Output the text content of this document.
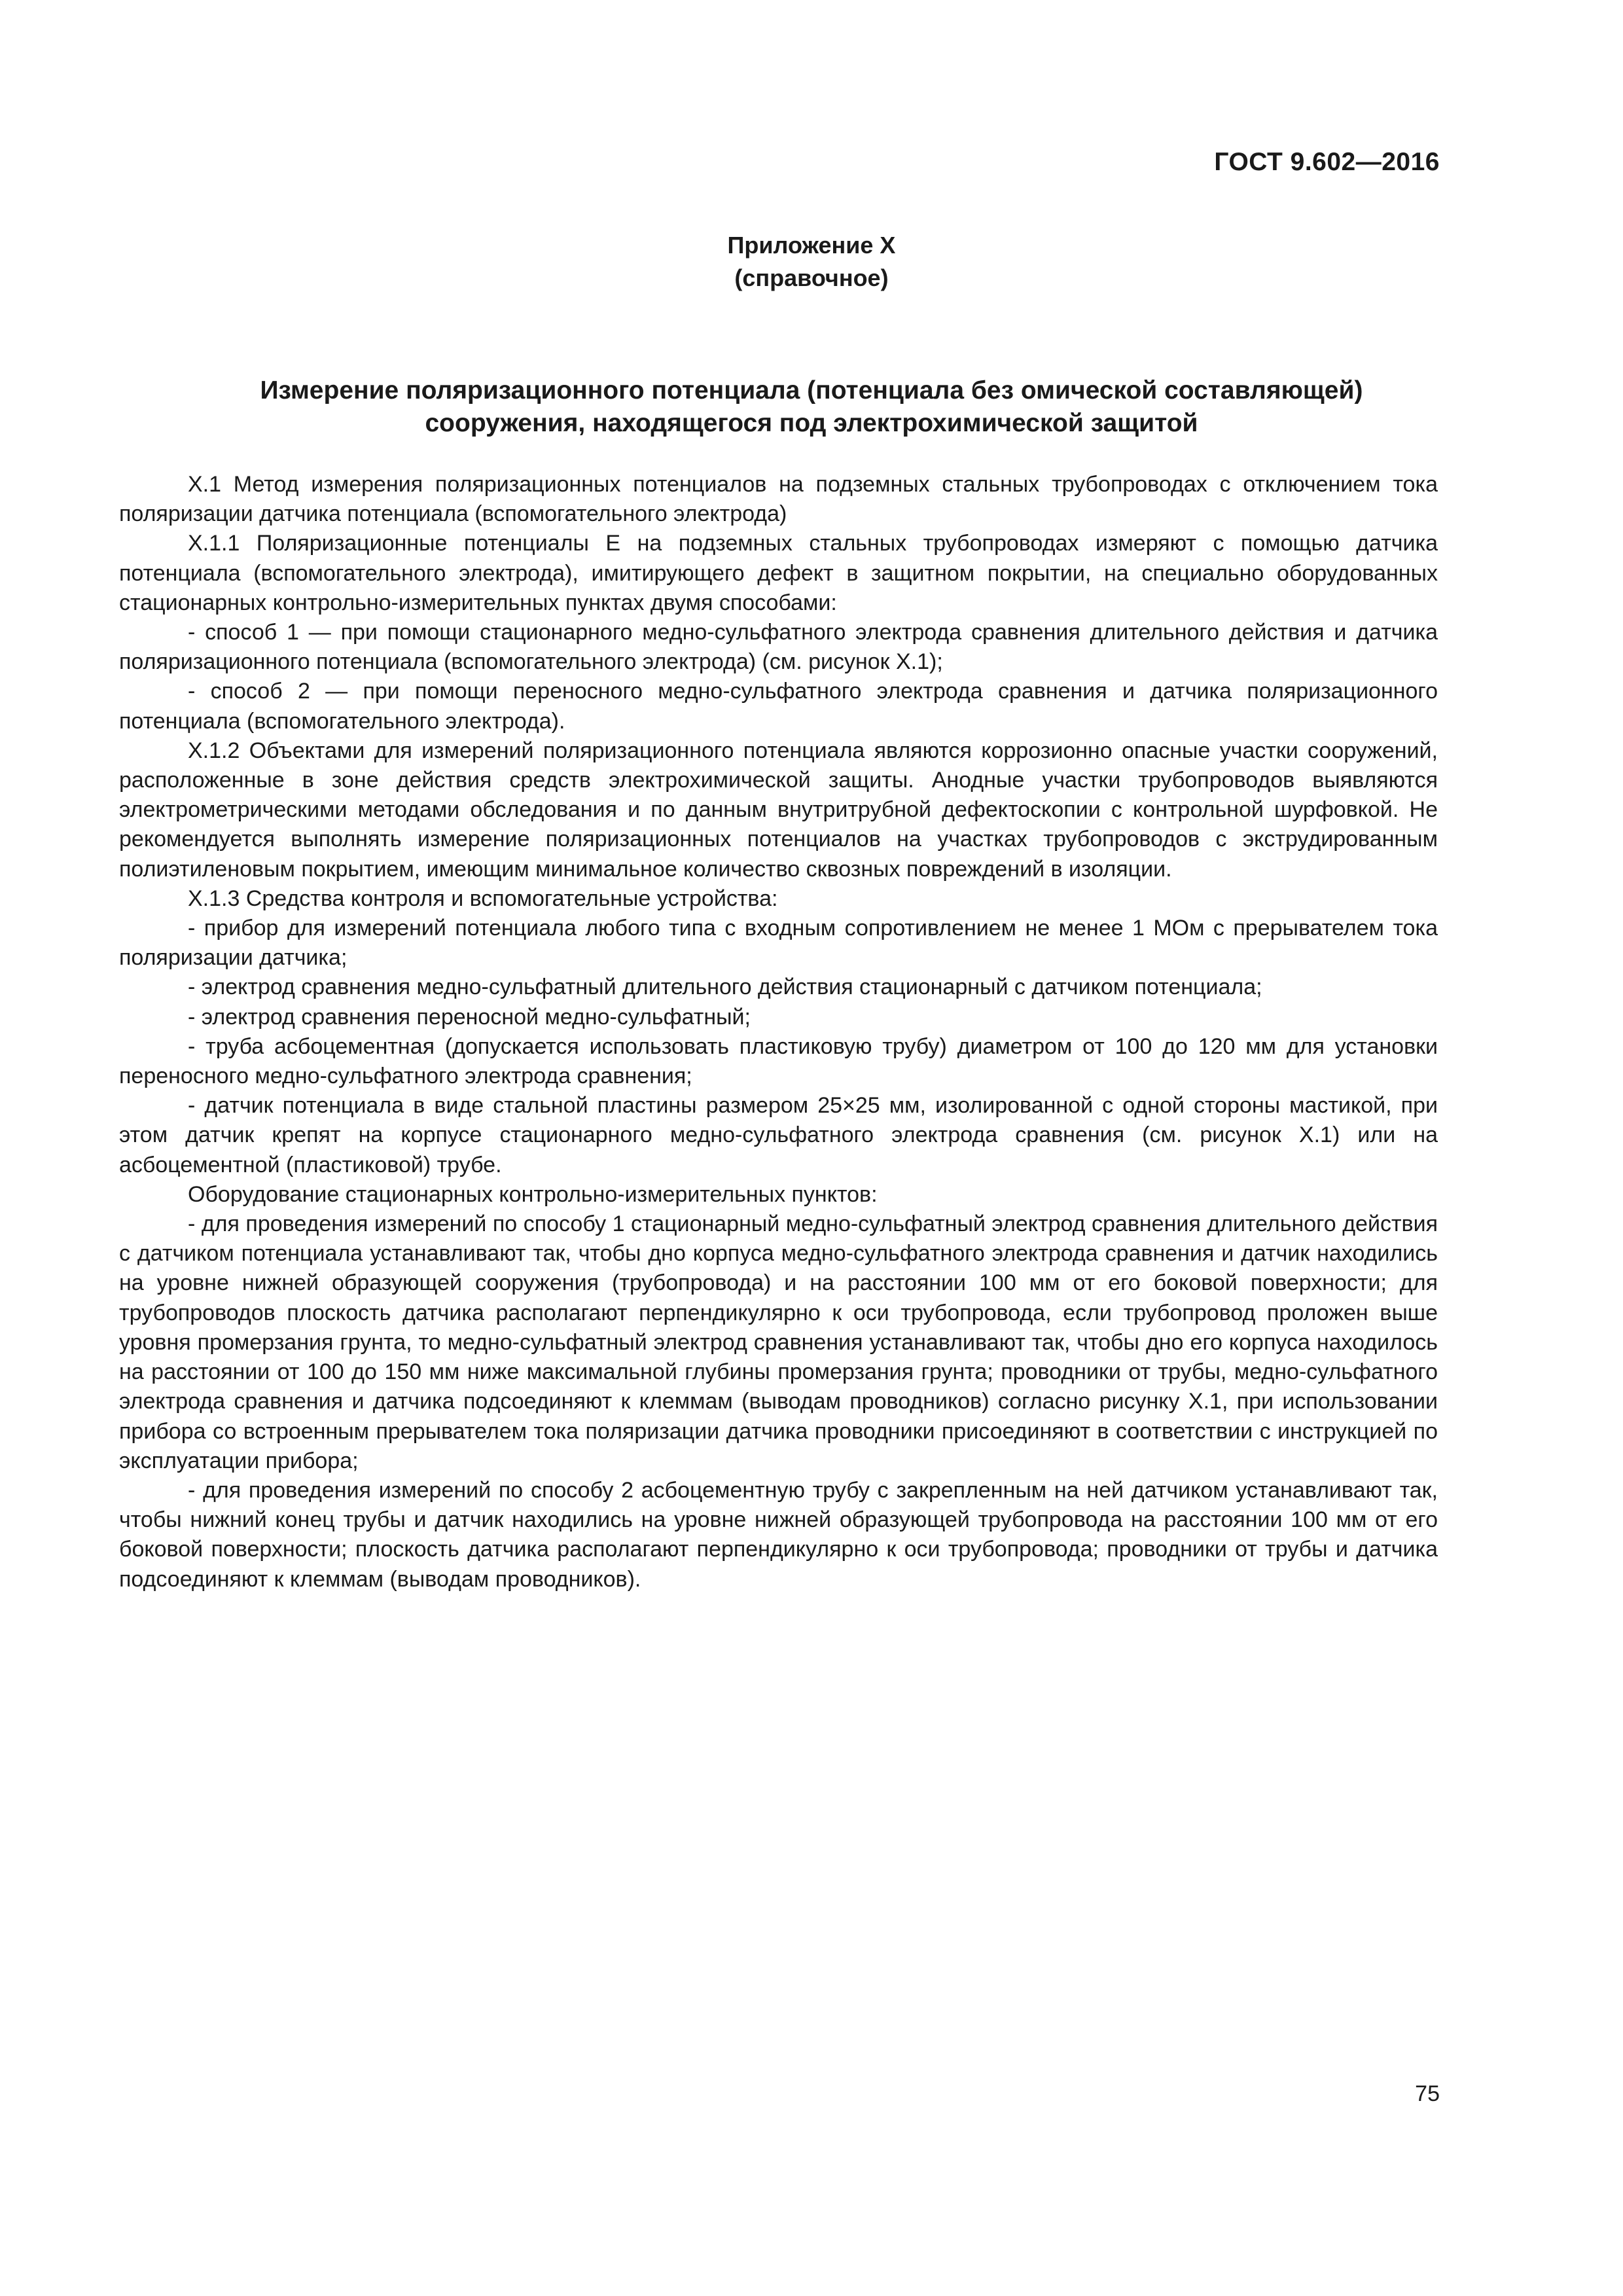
ГОСТ 9.602—2016
Приложение Х
(справочное)
Измерение поляризационного потенциала (потенциала без омической составляющей)
сооружения, находящегося под электрохимической защитой

Х.1 Метод измерения поляризационных потенциалов на подземных стальных трубопроводах с отключением тока поляризации датчика потенциала (вспомогательного электрода)

Х.1.1 Поляризационные потенциалы Е на подземных стальных трубопроводах измеряют с помощью датчика потенциала (вспомогательного электрода), имитирующего дефект в защитном покрытии, на специально оборудованных стационарных контрольно-измерительных пунктах двумя способами:

- способ 1 — при помощи стационарного медно-сульфатного электрода сравнения длительного действия и датчика поляризационного потенциала (вспомогательного электрода) (см. рисунок Х.1);

- способ 2 — при помощи переносного медно-сульфатного электрода сравнения и датчика поляризационного потенциала (вспомогательного электрода).

Х.1.2 Объектами для измерений поляризационного потенциала являются коррозионно опасные участки сооружений, расположенные в зоне действия средств электрохимической защиты. Анодные участки трубопроводов выявляются электрометрическими методами обследования и по данным внутритрубной дефектоскопии с контрольной шурфовкой. Не рекомендуется выполнять измерение поляризационных потенциалов на участках трубопроводов с экструдированным полиэтиленовым покрытием, имеющим минимальное количество сквозных повреждений в изоляции.

Х.1.3 Средства контроля и вспомогательные устройства:

- прибор для измерений потенциала любого типа с входным сопротивлением не менее 1 МОм с прерывателем тока поляризации датчика;

- электрод сравнения медно-сульфатный длительного действия стационарный с датчиком потенциала;

- электрод сравнения переносной медно-сульфатный;

- труба асбоцементная (допускается использовать пластиковую трубу) диаметром от 100 до 120 мм для установки переносного медно-сульфатного электрода сравнения;

- датчик потенциала в виде стальной пластины размером 25×25 мм, изолированной с одной стороны мастикой, при этом датчик крепят на корпусе стационарного медно-сульфатного электрода сравнения (см. рисунок Х.1) или на асбоцементной (пластиковой) трубе.

Оборудование стационарных контрольно-измерительных пунктов:

- для проведения измерений по способу 1 стационарный медно-сульфатный электрод сравнения длительного действия с датчиком потенциала устанавливают так, чтобы дно корпуса медно-сульфатного электрода сравнения и датчик находились на уровне нижней образующей сооружения (трубопровода) и на расстоянии 100 мм от его боковой поверхности; для трубопроводов плоскость датчика располагают перпендикулярно к оси трубопровода, если трубопровод проложен выше уровня промерзания грунта, то медно-сульфатный электрод сравнения устанавливают так, чтобы дно его корпуса находилось на расстоянии от 100 до 150 мм ниже максимальной глубины промерзания грунта; проводники от трубы, медно-сульфатного электрода сравнения и датчика подсоединяют к клеммам (выводам проводников) согласно рисунку Х.1, при использовании прибора со встроенным прерывателем тока поляризации датчика проводники присоединяют в соответствии с инструкцией по эксплуатации прибора;

- для проведения измерений по способу 2 асбоцементную трубу с закрепленным на ней датчиком устанавливают так, чтобы нижний конец трубы и датчик находились на уровне нижней образующей трубопровода на расстоянии 100 мм от его боковой поверхности; плоскость датчика располагают перпендикулярно к оси трубопровода; проводники от трубы и датчика подсоединяют к клеммам (выводам проводников).

75
